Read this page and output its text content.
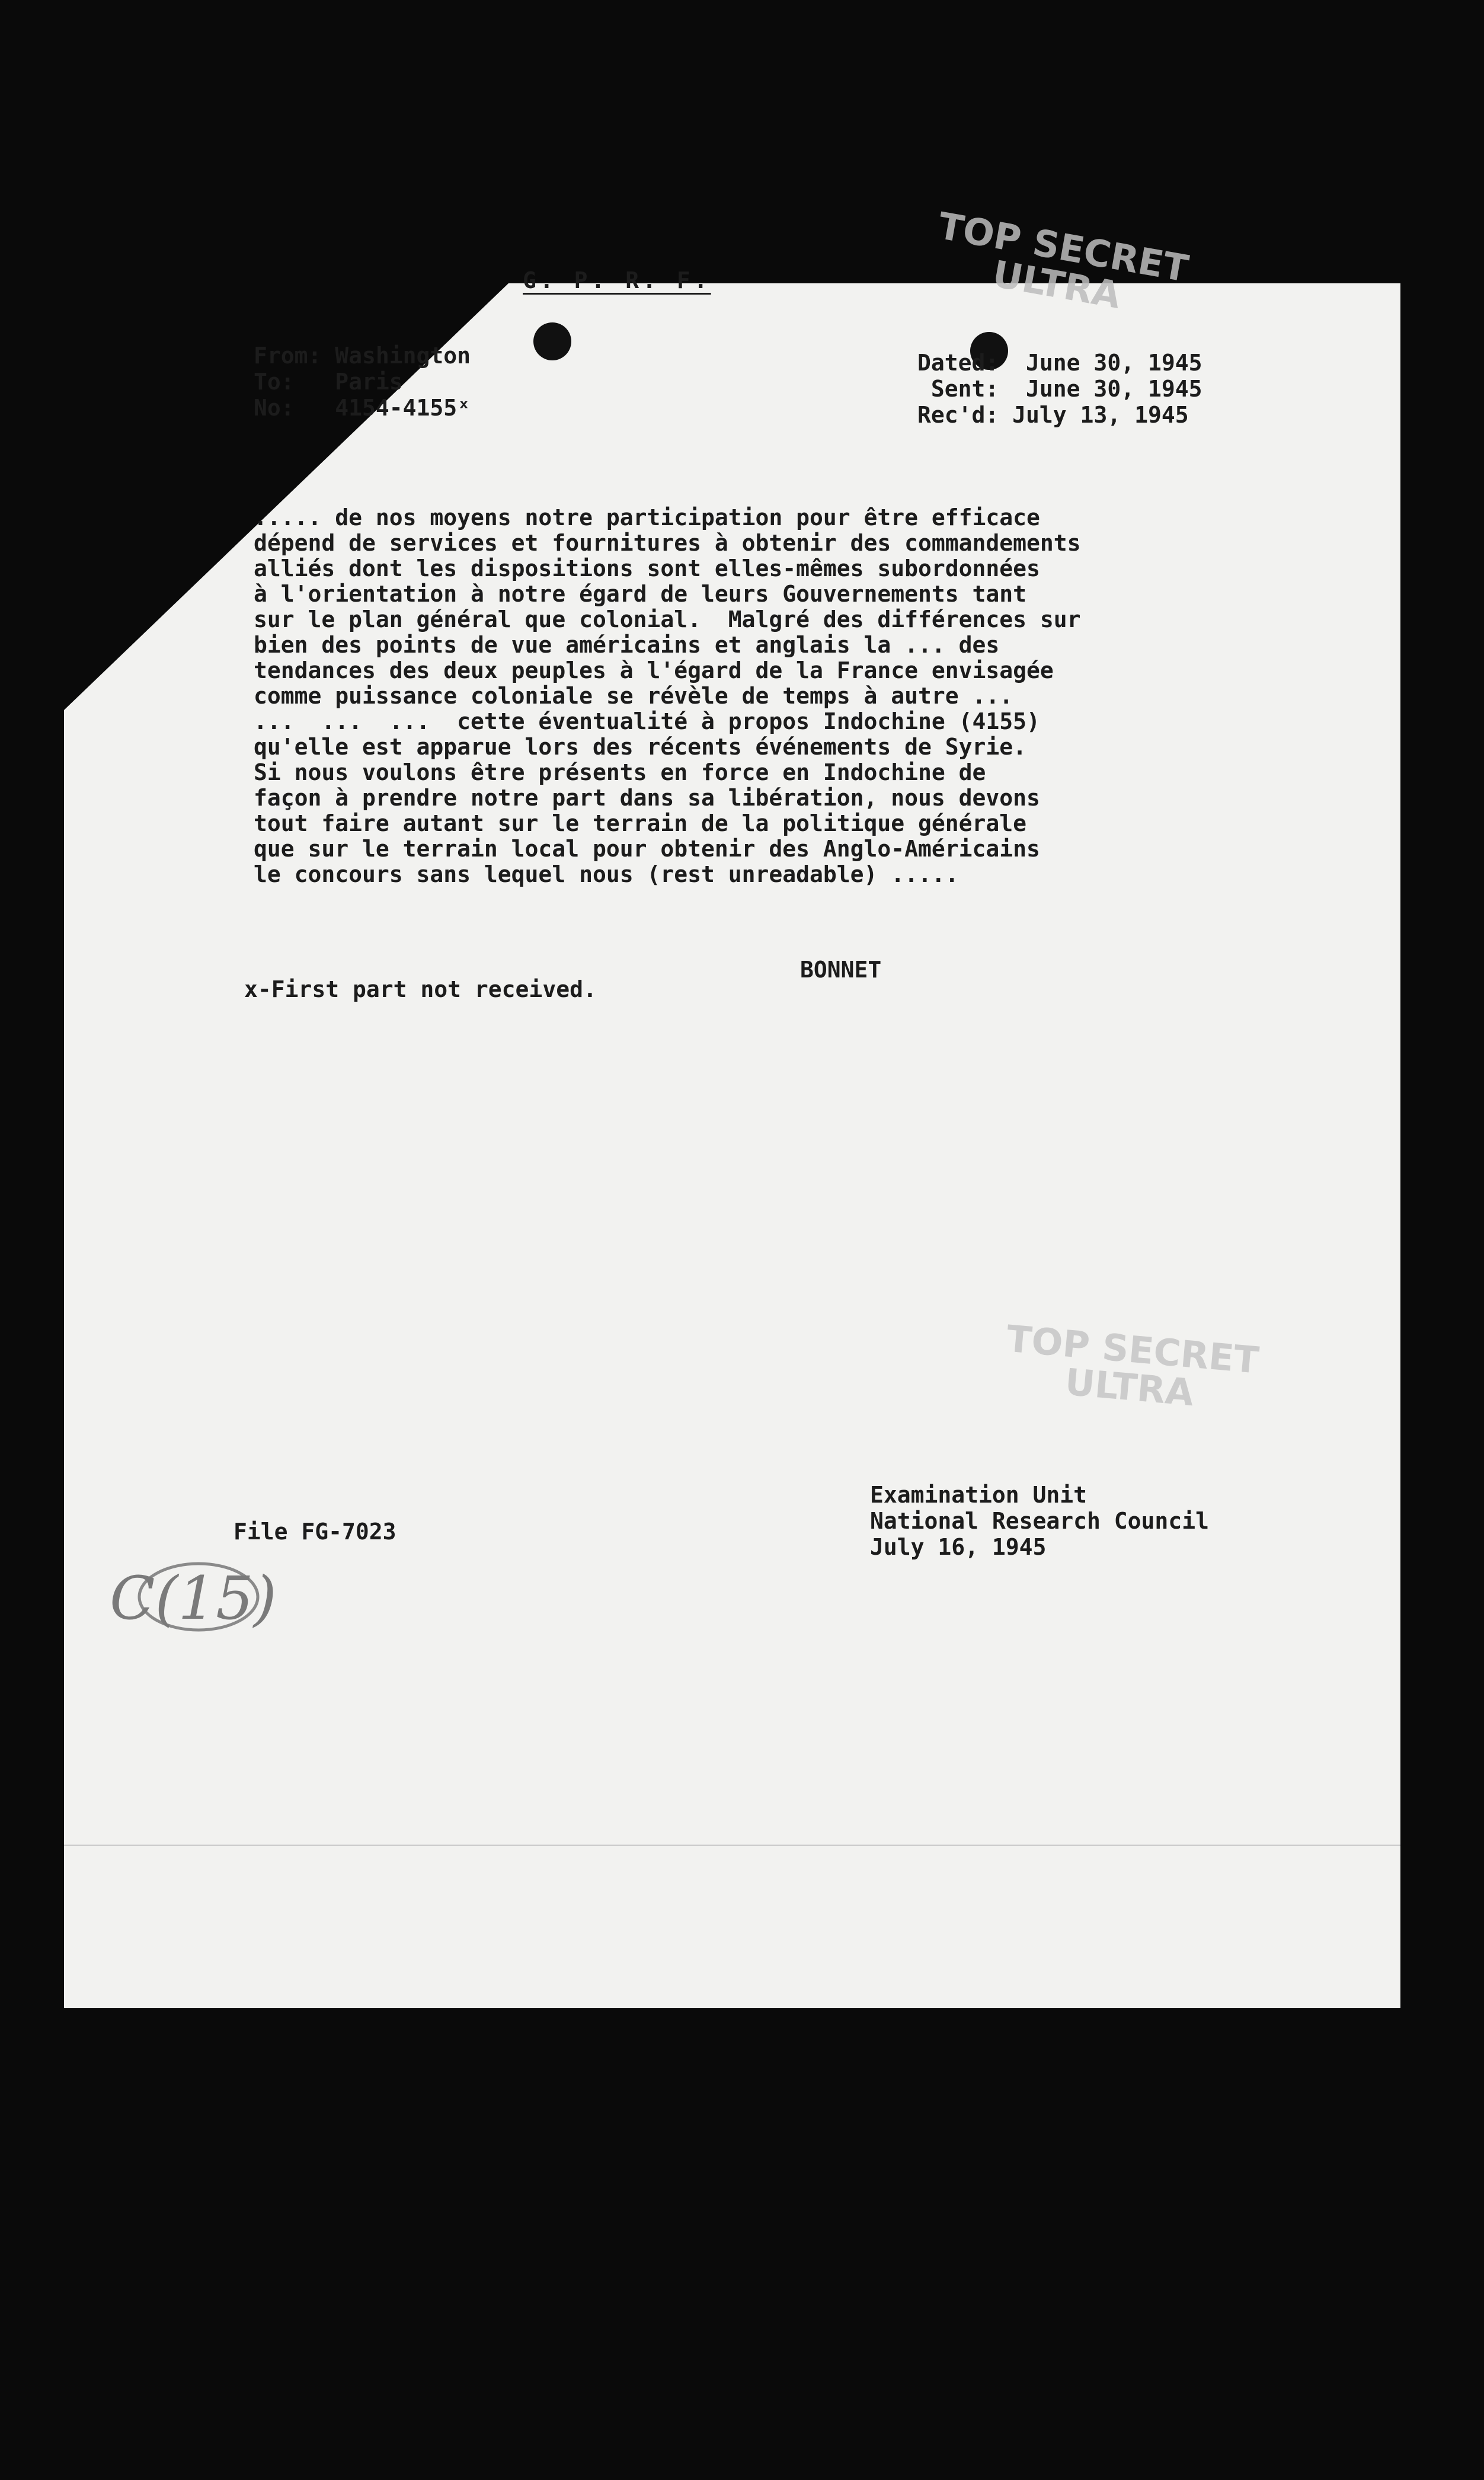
TOP SECRET
ULTRA
TOP SECRET
ULTRA
G. P. R. F.
From: Washington
To: Paris
No: 4154-4155ˣ
Dated: June 30, 1945
Sent: June 30, 1945
Rec'd: July 13, 1945
..... de nos moyens notre participation pour être efficace
dépend de services et fournitures à obtenir des commandements
alliés dont les dispositions sont elles-mêmes subordonnées
à l'orientation à notre égard de leurs Gouvernements tant
sur le plan général que colonial.  Malgré des différences sur
bien des points de vue américains et anglais la ... des
tendances des deux peuples à l'égard de la France envisagée
comme puissance coloniale se révèle de temps à autre ...
...  ...  ...  cette éventualité à propos Indochine (4155)
qu'elle est apparue lors des récents événements de Syrie.
Si nous voulons être présents en force en Indochine de
façon à prendre notre part dans sa libération, nous devons
tout faire autant sur le terrain de la politique générale
que sur le terrain local pour obtenir des Anglo-Américains
le concours sans lequel nous (rest unreadable) .....
BONNET
x-First part not received.
File FG-7023
Examination Unit
National Research Council
July 16, 1945
C(15)
